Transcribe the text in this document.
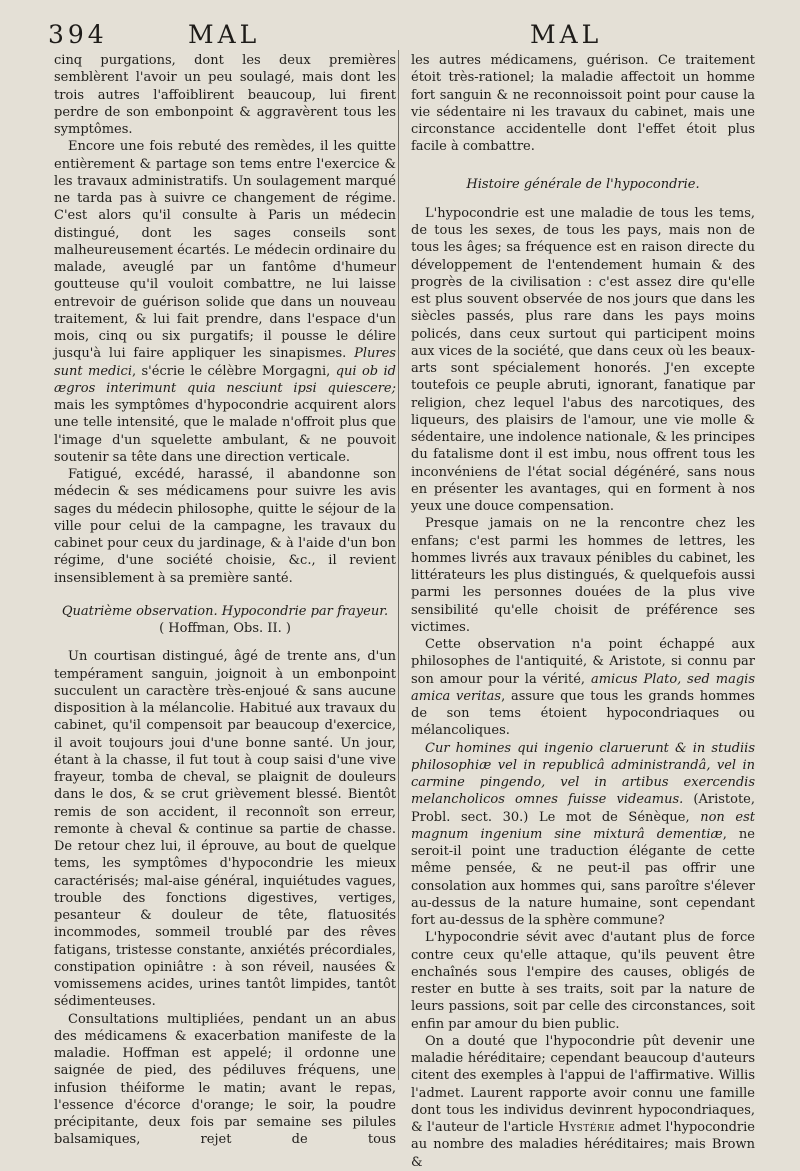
394	MAL	MAL

cinq purgations, dont les deux premières semblèrent l'avoir un peu soulagé, mais dont les trois autres l'affoiblirent beaucoup, lui firent perdre de son embonpoint & aggravèrent tous les symptômes.

Encore une fois rebuté des remèdes, il les quitte entièrement & partage son tems entre l'exercice & les travaux administratifs. Un soulagement marqué ne tarda pas à suivre ce changement de régime. C'est alors qu'il consulte à Paris un médecin distingué, dont les sages conseils sont malheureusement écartés. Le médecin ordinaire du malade, aveuglé par un fantôme d'humeur goutteuse qu'il vouloit combattre, ne lui laisse entrevoir de guérison solide que dans un nouveau traitement, & lui fait prendre, dans l'espace d'un mois, cinq ou six purgatifs; il pousse le délire jusqu'à lui faire appliquer les sinapismes. Plures sunt medici, s'écrie le célèbre Morgagni, qui ob id ægros interimunt quia nesciunt ipsi quiescere; mais les symptômes d'hypocondrie acquirent alors une telle intensité, que le malade n'offroit plus que l'image d'un squelette ambulant, & ne pouvoit soutenir sa tête dans une direction verticale.

Fatigué, excédé, harassé, il abandonne son médecin & ses médicamens pour suivre les avis sages du médecin philosophe, quitte le séjour de la ville pour celui de la campagne, les travaux du cabinet pour ceux du jardinage, & à l'aide d'un bon régime, d'une société choisie, &c., il revient insensiblement à sa première santé.

Quatrième observation. Hypocondrie par frayeur.
( Hoffman, Obs. II. )

Un courtisan distingué, âgé de trente ans, d'un tempérament sanguin, joignoit à un embonpoint succulent un caractère très-enjoué & sans aucune disposition à la mélancolie. Habitué aux travaux du cabinet, qu'il compensoit par beaucoup d'exercice, il avoit toujours joui d'une bonne santé. Un jour, étant à la chasse, il fut tout à coup saisi d'une vive frayeur, tomba de cheval, se plaignit de douleurs dans le dos, & se crut grièvement blessé. Bientôt remis de son accident, il reconnoît son erreur, remonte à cheval & continue sa partie de chasse. De retour chez lui, il éprouve, au bout de quelque tems, les symptômes d'hypocondrie les mieux caractérisés; mal-aise général, inquiétudes vagues, trouble des fonctions digestives, vertiges, pesanteur & douleur de tête, flatuosités incommodes, sommeil troublé par des rêves fatigans, tristesse constante, anxiétés précordiales, constipation opiniâtre : à son réveil, nausées & vomissemens acides, urines tantôt limpides, tantôt sédimenteuses.

Consultations multipliées, pendant un an abus des médicamens & exacerbation manifeste de la maladie. Hoffman est appelé; il ordonne une saignée de pied, des pédiluves fréquens, une infusion théiforme le matin; avant le repas, l'essence d'écorce d'orange; le soir, la poudre précipitante, deux fois par semaine ses pilules balsamiques, rejet de tous

les autres médicamens, guérison. Ce traitement étoit très-rationel; la maladie affectoit un homme fort sanguin & ne reconnoissoit point pour cause la vie sédentaire ni les travaux du cabinet, mais une circonstance accidentelle dont l'effet étoit plus facile à combattre.

Histoire générale de l'hypocondrie.

L'hypocondrie est une maladie de tous les tems, de tous les sexes, de tous les pays, mais non de tous les âges; sa fréquence est en raison directe du développement de l'entendement humain & des progrès de la civilisation : c'est assez dire qu'elle est plus souvent observée de nos jours que dans les siècles passés, plus rare dans les pays moins policés, dans ceux surtout qui participent moins aux vices de la société, que dans ceux où les beaux-arts sont spécialement honorés. J'en excepte toutefois ce peuple abruti, ignorant, fanatique par religion, chez lequel l'abus des narcotiques, des liqueurs, des plaisirs de l'amour, une vie molle & sédentaire, une indolence nationale, & les principes du fatalisme dont il est imbu, nous offrent tous les inconvéniens de l'état social dégénéré, sans nous en présenter les avantages, qui en forment à nos yeux une douce compensation.

Presque jamais on ne la rencontre chez les enfans; c'est parmi les hommes de lettres, les hommes livrés aux travaux pénibles du cabinet, les littérateurs les plus distingués, & quelquefois aussi parmi les personnes douées de la plus vive sensibilité qu'elle choisit de préférence ses victimes.

Cette observation n'a point échappé aux philosophes de l'antiquité, & Aristote, si connu par son amour pour la vérité, amicus Plato, sed magis amica veritas, assure que tous les grands hommes de son tems étoient hypocondriaques ou mélancoliques.

Cur homines qui ingenio claruerunt & in studiis philosophiæ vel in republicâ administrandâ, vel in carmine pingendo, vel in artibus exercendis melancholicos omnes fuisse videamus. (Aristote, Probl. sect. 30.) Le mot de Sénèque, non est magnum ingenium sine mixturâ dementiæ, ne seroit-il point une traduction élégante de cette même pensée, & ne peut-il pas offrir une consolation aux hommes qui, sans paroître s'élever au-dessus de la nature humaine, sont cependant fort au-dessus de la sphère commune?

L'hypocondrie sévit avec d'autant plus de force contre ceux qu'elle attaque, qu'ils peuvent être enchaînés sous l'empire des causes, obligés de rester en butte à ses traits, soit par la nature de leurs passions, soit par celle des circonstances, soit enfin par amour du bien public.

On a douté que l'hypocondrie pût devenir une maladie héréditaire; cependant beaucoup d'auteurs citent des exemples à l'appui de l'affirmative. Willis l'admet. Laurent rapporte avoir connu une famille dont tous les individus devinrent hypocondriaques, & l'auteur de l'article Hystérie admet l'hypocondrie au nombre des maladies héréditaires; mais Brown &
